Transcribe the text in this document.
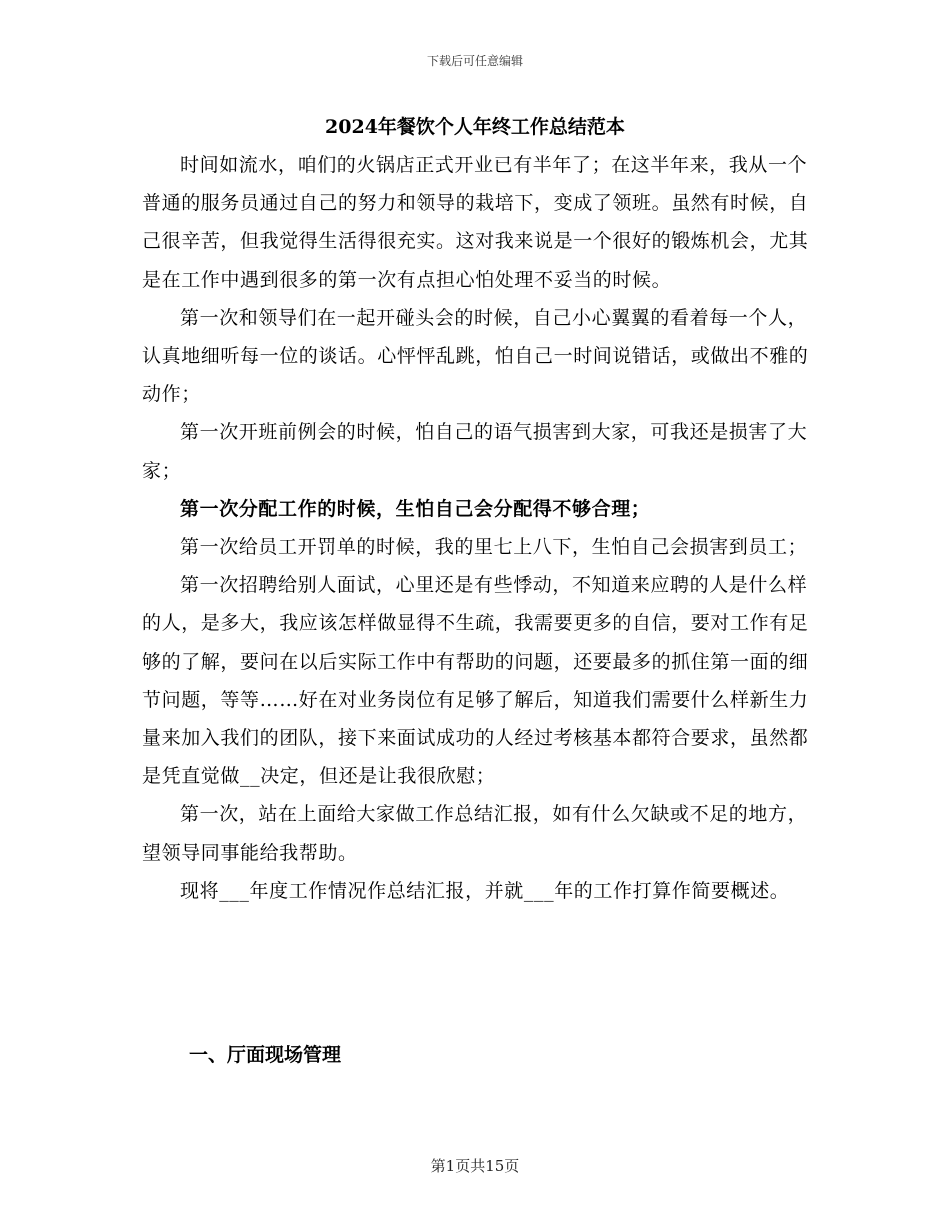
下载后可任意编辑
2024年餐饮个人年终工作总结范本

时间如流水，咱们的火锅店正式开业已有半年了；在这半年来，我从一个普通的服务员通过自己的努力和领导的栽培下，变成了领班。虽然有时候，自己很辛苦，但我觉得生活得很充实。这对我来说是一个很好的锻炼机会，尤其是在工作中遇到很多的第一次有点担心怕处理不妥当的时候。

第一次和领导们在一起开碰头会的时候，自己小心翼翼的看着每一个人，认真地细听每一位的谈话。心怦怦乱跳，怕自己一时间说错话，或做出不雅的动作；

第一次开班前例会的时候，怕自己的语气损害到大家，可我还是损害了大家；

第一次分配工作的时候，生怕自己会分配得不够合理；

第一次给员工开罚单的时候，我的里七上八下，生怕自己会损害到员工；

第一次招聘给别人面试，心里还是有些悸动，不知道来应聘的人是什么样的人，是多大，我应该怎样做显得不生疏，我需要更多的自信，要对工作有足够的了解，要问在以后实际工作中有帮助的问题，还要最多的抓住第一面的细节问题，等等……好在对业务岗位有足够了解后，知道我们需要什么样新生力量来加入我们的团队，接下来面试成功的人经过考核基本都符合要求，虽然都是凭直觉做__决定，但还是让我很欣慰；

第一次，站在上面给大家做工作总结汇报，如有什么欠缺或不足的地方，望领导同事能给我帮助。

现将___年度工作情况作总结汇报，并就___年的工作打算作简要概述。

一、厅面现场管理
第1页共15页
